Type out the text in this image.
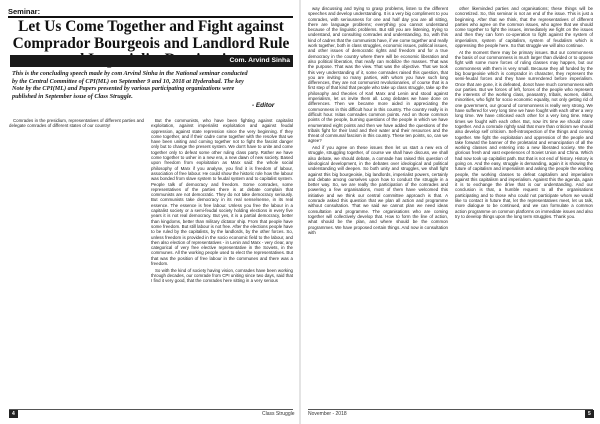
Seminar:
Let Us Come Together and Fight against Comprador Bourgeois and Landlord Rule
Com. Arvind Sinha
This is the concluding speech made by com Arvind Sinha in the National seminar conducted by the Central Committee of CPI(ML) on September 9 and 10, 2018 at Hyderabad. The key Note by the CPI(ML) and Papers presented by various participating organizations were published in September issue of Class Struggle.
- Editor

Comrades in the presidium, representatives of different parties and delegate comrades of different states of our country!

But the communists, who have been fighting against capitalist exploitation, against imperialist exploitation and against feudal oppression, against state repression since the very beginning. If they come together, and if their cadre come together with the resolve that we have been uniting and coming together not to fight the fascist danger only but to change the present system. We don't have to unite and come together only to defeat some other ruling class party. Rather we have come together to usher in a new era, a new dawn of new society. Based upon freedom from exploitation as Marx said: the whole social philosophy of Marx if you analyse, you find it is freedom of labour, association of free labour. He could show the historic role how the labour was bonded from slave system to feudal system and to capitalist system. People talk of democracy and freedom. Some comrades, some representatives of the parties there is at debate complain that communists are not democratic. They do not take democracy seriously. But communists take democracy in its real sense/sense, in its real essence. The essence is free labour. Unless you free the labour in a capitalist society or a semi-feudal society holding elections in every five years it is not real democracy. But yes, it is a partial democracy, better than kingdoms, better than military dictator ship. From that people have some freedom. But still labour is not free. After the elections people have to be ruled by the capitalists, by the landlords, by the other forces. So, unless freedom is provided in the socio economic field to the labour, and then also election of representatives - in Lenin and Marx - very clear, any categorical of very free elective representative in the Soviets, in the communes. All the working people used to elect the representatives. But that was the position of free labour in the communes and there was a freedom.

So with the kind of society having vision, comrades have been working through decades, our comrade from CPI uniting since two days, said that I find it very good, that the comrades here sitting in a very serious

4	Class Struggle

way discussing and trying to grasp problems, listen to the different speeches and develop understanding. It is a very big compliment to you comrades, with seriousness for one and half day you are all sitting, there are language problems; everything you cannot understand because of the linguistic problems. But still you are listening, trying to understand, and consulting comrades and understanding. So, with this kind of cadres that the communists have, if we come together and really work together, both in class struggles, economic issues, political issues, and other issues of democratic rights and freedom and for a true democracy in the country where there will be economic liberation and also political liberation, that really can mobilize the masses. That was the purpose. That was the view. That was the objective. That we took this very understanding of it, some comrades raised this question, that you are inviting so many parties, with whom you have such long differences, they are not communist revolutionaries, of course that is a first step of that kind that people who take up class struggle, take up the philosophy and theories of Karl Marx and Lenin and stood against imperialism, let us invite them all. Long debates we have done on differences. Then we became more aided in appreciating the commonness in this difficult hour in this country. The country really is in difficult hour. Isitas comrades common points. And on those common points of the people, burning questions of the people in which we have enumerated eight points and then we have added the questions of the tribals fight for their land and their water and their resources and the threat of communal fascism in this country. These ten points, so, can we agree?

And if you agree on these issues then let us start a new era of struggle, struggling together, of course we shall have discuss, we shall also debate, we should debate, a comrade has raised this question of ideological development, in the debates over ideological and political understanding will deepen. So both unity and struggles, we shall fight against this big bourgeoisie, big landlords, imperialist powers, certainly and debate among ourselves upon how to conduct the struggle in a better way. So, we are really the participation of the comrades and powering a few organisations, most of them have welcomed this initiative and we think our central committee approach is that. A comrade asked this question that we plan all action and programme without consultation. That we said we cannot plan we need ideas consultation and programme. The organisations who are coming together will collectively develop that. How to form the line of action, what should be the plan, and where should be the common programmes. We have proposed certain things. And now in consultation with

other likeminded parties and organisations; these things will be concretized. So, this seminar is not an end of the issue. This is just a beginning. After that we think, that the representatives of different parties who agree on the common issues, who agree that we should come together to fight the issues, immediately we fight on the issues and then they can form co-operation to fight against the system of imperialism, system of capitalism, system of feudalism which is oppressing the people here. So that struggle we will also continue.

At the moment there may be primary issues. But our commonness the basis of our commonness is much larger than divided or to oppose fight with some more forces of ruling classes may happen, but our commonness with them is very small. Because they all funded by the big bourgeoisie which is comprador in character, they represent the semi-feudal forces and they have surrendered before imperialism. Once that are gone, it is defeated, donot have much commonness with our parties. But we forces of left, forces of the people who represent the interests of the working class, peasantry, tribals, women, dalits, minorities, who fight for socio economic equality, not only getting rid of one government, our ground of commonness is really very strong. We have suffered for very long time we have fought with each other a very long time. We have criticised each other for a very long time. Many times we fought with each other. But, now it's time we should come together. And a comrade rightly said that more than criticism we should also develop self criticism. Self-introspection of the things and coming together. We fight the exploitation and oppression of the people and take forward the banner of the proletariat and emancipation of all the working classes and entering into a new liberated society. We the glorious fresh and vast experiences of Soviet Union and China. Which had now took up capitalist path. But that is not end of history. History is going on. And the easy, struggle is demanding, again it is showing the future of capitalism and imperialism and asking the people the working people, the working classes to defeat capitalism and imperialism against this capitalism and imperialism. Against this the agenda, again it is to exchange the drive that is our understanding. And our conclusion is that, a humble request to all the organisations participating and to those who could not participate whom we would like to contact in future that, let the representatives meet, let us talk, more dialogue to be continued, and we can formulate a common action programme on common platforms on immediate issues and also try to develop things upon the long term struggles. Thank you.

November - 2018	5
